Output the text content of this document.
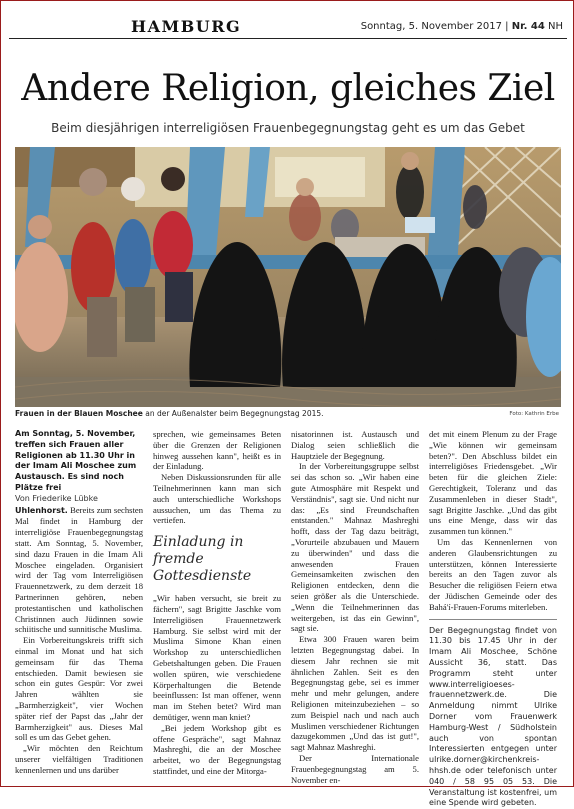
HAMBURG	Sonntag, 5. November 2017 | Nr. 44 NH
Andere Religion, gleiches Ziel
Beim diesjährigen interreligiösen Frauenbegegnungstag geht es um das Gebet
Frauen in der Blauen Moschee an der Außenalster beim Begegnungstag 2015.	Foto: Kathrin Erbe

Am Sonntag, 5. November, treffen sich Frauen aller Religionen ab 11.30 Uhr in der Imam Ali Moschee zum Austausch. Es sind noch Plätze frei

Von Friederike Lübke

Uhlenhorst. Bereits zum sechsten Mal findet in Hamburg der interreligiöse Frauenbegegnungstag statt. Am Sonntag, 5. November, sind dazu Frauen in die Imam Ali Moschee eingeladen. Organisiert wird der Tag vom Interreligiösen Frauennetzwerk, zu dem derzeit 18 Partnerinnen gehören, neben protestantischen und katholischen Christinnen auch Jüdinnen sowie schiitische und sunnitische Muslima.

Ein Vorbereitungskreis trifft sich einmal im Monat und hat sich gemeinsam für das Thema entschieden. Damit bewiesen sie schon ein gutes Gespür: Vor zwei Jahren wählten sie „Barmherzigkeit", vier Wochen später rief der Papst das „Jahr der Barmherzigkeit" aus. Dieses Mal soll es um das Gebet gehen.

„Wir möchten den Reichtum unserer vielfältigen Traditionen kennenlernen und uns darüber

sprechen, wie gemeinsames Beten über die Grenzen der Religionen hinweg aussehen kann", heißt es in der Einladung.

Neben Diskussionsrunden für alle Teilnehmerinnen kann man sich auch unterschiedliche Workshops aussuchen, um das Thema zu vertiefen.

Einladung in fremde Gottesdienste

„Wir haben versucht, sie breit zu fächern", sagt Brigitte Jaschke vom Interreligiösen Frauennetzwerk Hamburg. Sie selbst wird mit der Muslima Simone Khan einen Workshop zu unterschiedlichen Gebetshaltungen geben. Die Frauen wollen spüren, wie verschiedene Körperhaltungen die Betende beeinflussen: Ist man offener, wenn man im Stehen betet? Wird man demütiger, wenn man kniet?

„Bei jedem Workshop gibt es offene Gespräche", sagt Mahnaz Mashreghi, die an der Moschee arbeitet, wo der Begegnungstag stattfindet, und eine der Mitorga-

nisatorinnen ist. Austausch und Dialog seien schließlich die Hauptziele der Begegnung.

In der Vorbereitungsgruppe selbst sei das schon so. „Wir haben eine gute Atmosphäre mit Respekt und Verständnis", sagt sie. Und nicht nur das: „Es sind Freundschaften entstanden." Mahnaz Mashreghi hofft, dass der Tag dazu beiträgt, „Vorurteile abzubauen und Mauern zu überwinden" und dass die anwesenden Frauen Gemeinsamkeiten zwischen den Religionen entdecken, denn die seien größer als die Unterschiede. „Wenn die Teilnehmerinnen das weitergeben, ist das ein Gewinn", sagt sie.

Etwa 300 Frauen waren beim letzten Begegnungstag dabei. In diesem Jahr rechnen sie mit ähnlichen Zahlen. Seit es den Begegnungstag gebe, sei es immer mehr und mehr gelungen, andere Religionen miteinzubeziehen – so zum Beispiel nach und nach auch Muslimen verschiedener Richtungen dazugekommen „Und das ist gut!", sagt Mahnaz Mashreghi.

Der Internationale Frauenbegegnungstag am 5. November en-

det mit einem Plenum zu der Frage „Wie können wir gemeinsam beten?". Den Abschluss bildet ein interreligiöses Friedensgebet. „Wir beten für die gleichen Ziele: Gerechtigkeit, Toleranz und das Zusammenleben in dieser Stadt", sagt Brigitte Jaschke. „Und das gibt uns eine Menge, dass wir das zusammen tun können."

Um das Kennenlernen von anderen Glaubensrichtungen zu unterstützen, können Interessierte bereits an den Tagen zuvor als Besucher die religiösen Feiern etwa der Jüdischen Gemeinde oder des Bahá'í-Frauen-Forums miterleben.

Der Begegnungstag findet von 11.30 bis 17.45 Uhr in der Imam Ali Moschee, Schöne Aussicht 36, statt. Das Programm steht unter www.interreligioeses-frauennetzwerk.de. Die Anmeldung nimmt Ulrike Dorner vom Frauenwerk Hamburg-West / Südholstein auch von spontan Interessierten entgegen unter ulrike.dorner@kirchenkreis-hhsh.de oder telefonisch unter 040 / 58 95 05 53. Die Veranstaltung ist kostenfrei, um eine Spende wird gebeten.
